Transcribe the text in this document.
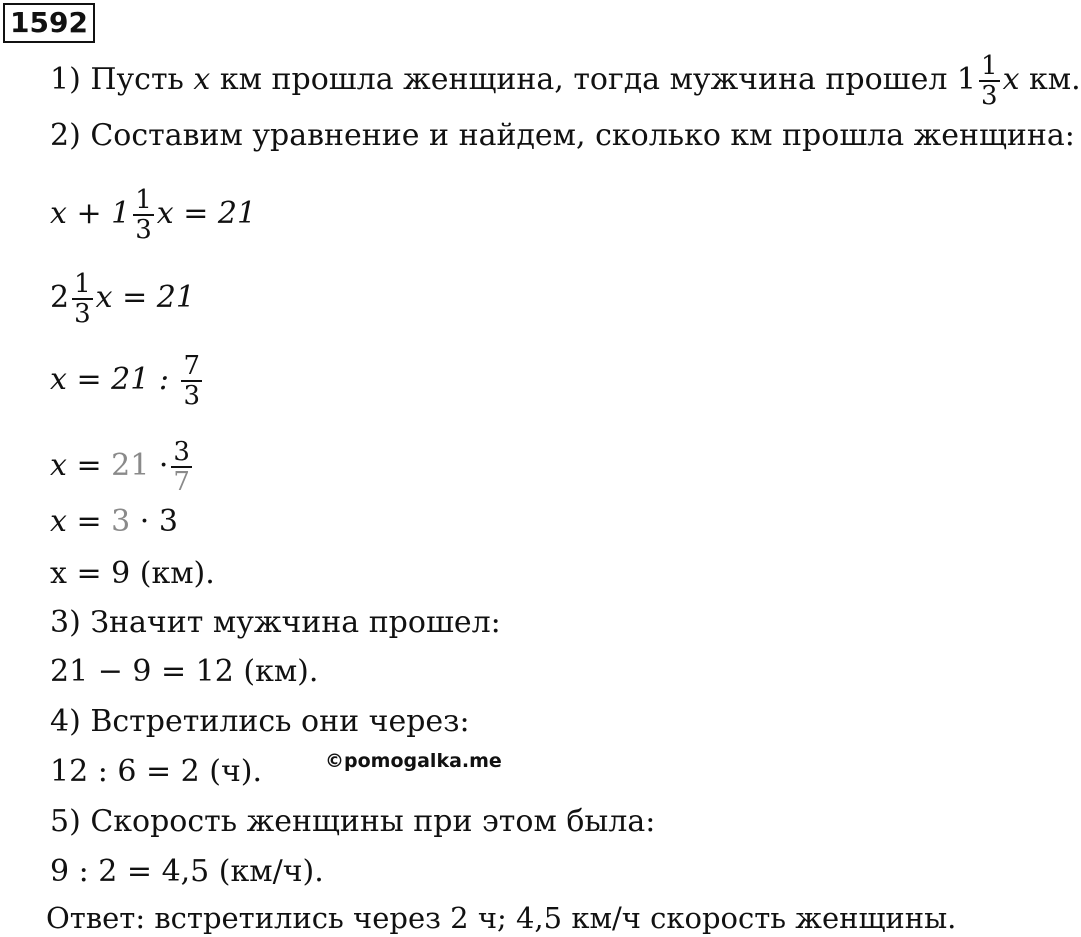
1592
1) Пусть x км прошла женщина, тогда мужчина прошел $1 \frac{1}{3}$ x км.
2) Составим уравнение и найдем, сколько км прошла женщина:
$x + 1 \frac{1}{3}$ x = 21
$2 \frac{1}{3}$ x = 21
x = 21 : $\frac{7}{3}$
$x = 21 \cdot \frac{3}{7}$
x = 3 · 3
x = 9 (км).
3) Значит мужчина прошел:
21 − 9 = 12 (км).
4) Встретились они через:
12 : 6 = 2 (ч).	©pomogalka.me
5) Скорость женщины при этом была:
9 : 2 = 4,5 (км/ч).
Ответ: встретились через 2 ч; 4,5 км/ч скорость женщины.
